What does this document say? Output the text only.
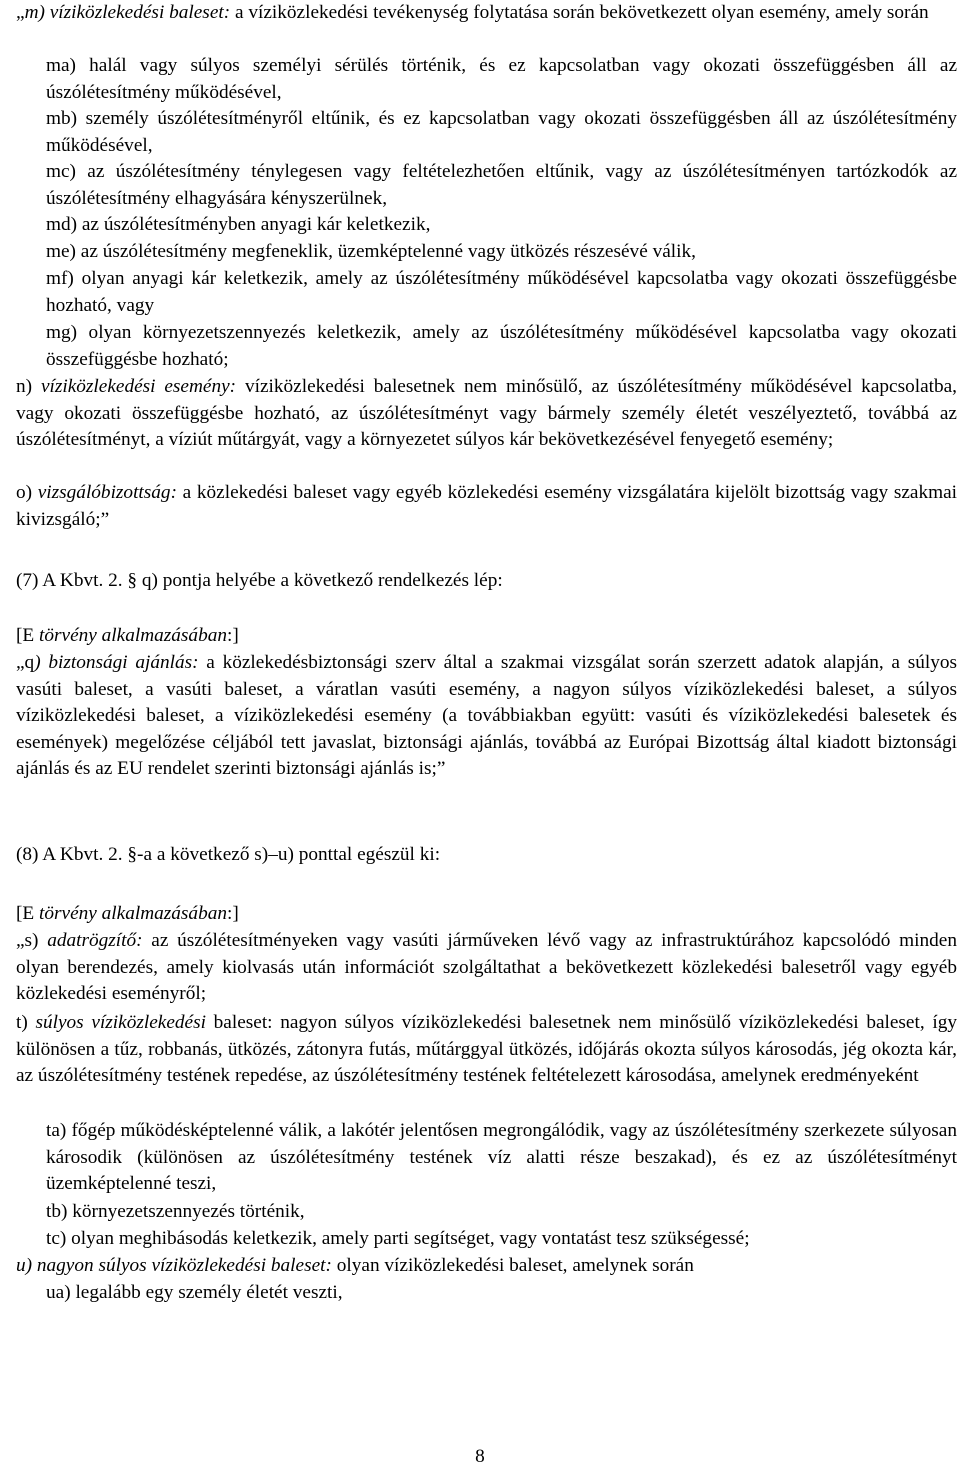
„m) víziközlekedési baleset: a víziközlekedési tevékenység folytatása során bekövetkezett olyan esemény, amely során

ma) halál vagy súlyos személyi sérülés történik, és ez kapcsolatban vagy okozati összefüggésben áll az úszólétesítmény működésével,

mb) személy úszólétesítményről eltűnik, és ez kapcsolatban vagy okozati összefüggésben áll az úszólétesítmény működésével,

mc) az úszólétesítmény ténylegesen vagy feltételezhetően eltűnik, vagy az úszólétesítményen tartózkodók az úszólétesítmény elhagyására kényszerülnek,

md) az úszólétesítményben anyagi kár keletkezik,

me) az úszólétesítmény megfeneklik, üzemképtelenné vagy ütközés részesévé válik,

mf) olyan anyagi kár keletkezik, amely az úszólétesítmény működésével kapcsolatba vagy okozati összefüggésbe hozható, vagy

mg) olyan környezetszennyezés keletkezik, amely az úszólétesítmény működésével kapcsolatba vagy okozati összefüggésbe hozható;

n) víziközlekedési esemény: víziközlekedési balesetnek nem minősülő, az úszólétesítmény működésével kapcsolatba, vagy okozati összefüggésbe hozható, az úszólétesítményt vagy bármely személy életét veszélyeztető, továbbá az úszólétesítményt, a víziút műtárgyát, vagy a környezetet súlyos kár bekövetkezésével fenyegető esemény;

o) vizsgálóbizottság: a közlekedési baleset vagy egyéb közlekedési esemény vizsgálatára kijelölt bizottság vagy szakmai kivizsgáló;”

(7) A Kbvt. 2. § q) pontja helyébe a következő rendelkezés lép:

[E törvény alkalmazásában:]

„q) biztonsági ajánlás: a közlekedésbiztonsági szerv által a szakmai vizsgálat során szerzett adatok alapján, a súlyos vasúti baleset, a vasúti baleset, a váratlan vasúti esemény, a nagyon súlyos víziközlekedési baleset, a súlyos víziközlekedési baleset, a víziközlekedési esemény (a továbbiakban együtt: vasúti és víziközlekedési balesetek és események) megelőzése céljából tett javaslat, biztonsági ajánlás, továbbá az Európai Bizottság által kiadott biztonsági ajánlás és az EU rendelet szerinti biztonsági ajánlás is;”

(8) A Kbvt. 2. §-a a következő s)–u) ponttal egészül ki:

[E törvény alkalmazásában:]

„s) adatrögzítő: az úszólétesítményeken vagy vasúti járműveken lévő vagy az infrastruktúrához kapcsolódó minden olyan berendezés, amely kiolvasás után információt szolgáltathat a bekövetkezett közlekedési balesetről vagy egyéb közlekedési eseményről;

t) súlyos víziközlekedési baleset: nagyon súlyos víziközlekedési balesetnek nem minősülő víziközlekedési baleset, így különösen a tűz, robbanás, ütközés, zátonyra futás, műtárggyal ütközés, időjárás okozta súlyos károsodás, jég okozta kár, az úszólétesítmény testének repedése, az úszólétesítmény testének feltételezett károsodása, amelynek eredményeként

ta) főgép működésképtelenné válik, a lakótér jelentősen megrongálódik, vagy az úszólétesítmény szerkezete súlyosan károsodik (különösen az úszólétesítmény testének víz alatti része beszakad), és ez az úszólétesítményt üzemképtelenné teszi,

tb) környezetszennyezés történik,

tc) olyan meghibásodás keletkezik, amely parti segítséget, vagy vontatást tesz szükségessé;

u) nagyon súlyos víziközlekedési baleset: olyan víziközlekedési baleset, amelynek során

ua) legalább egy személy életét veszti,

8
